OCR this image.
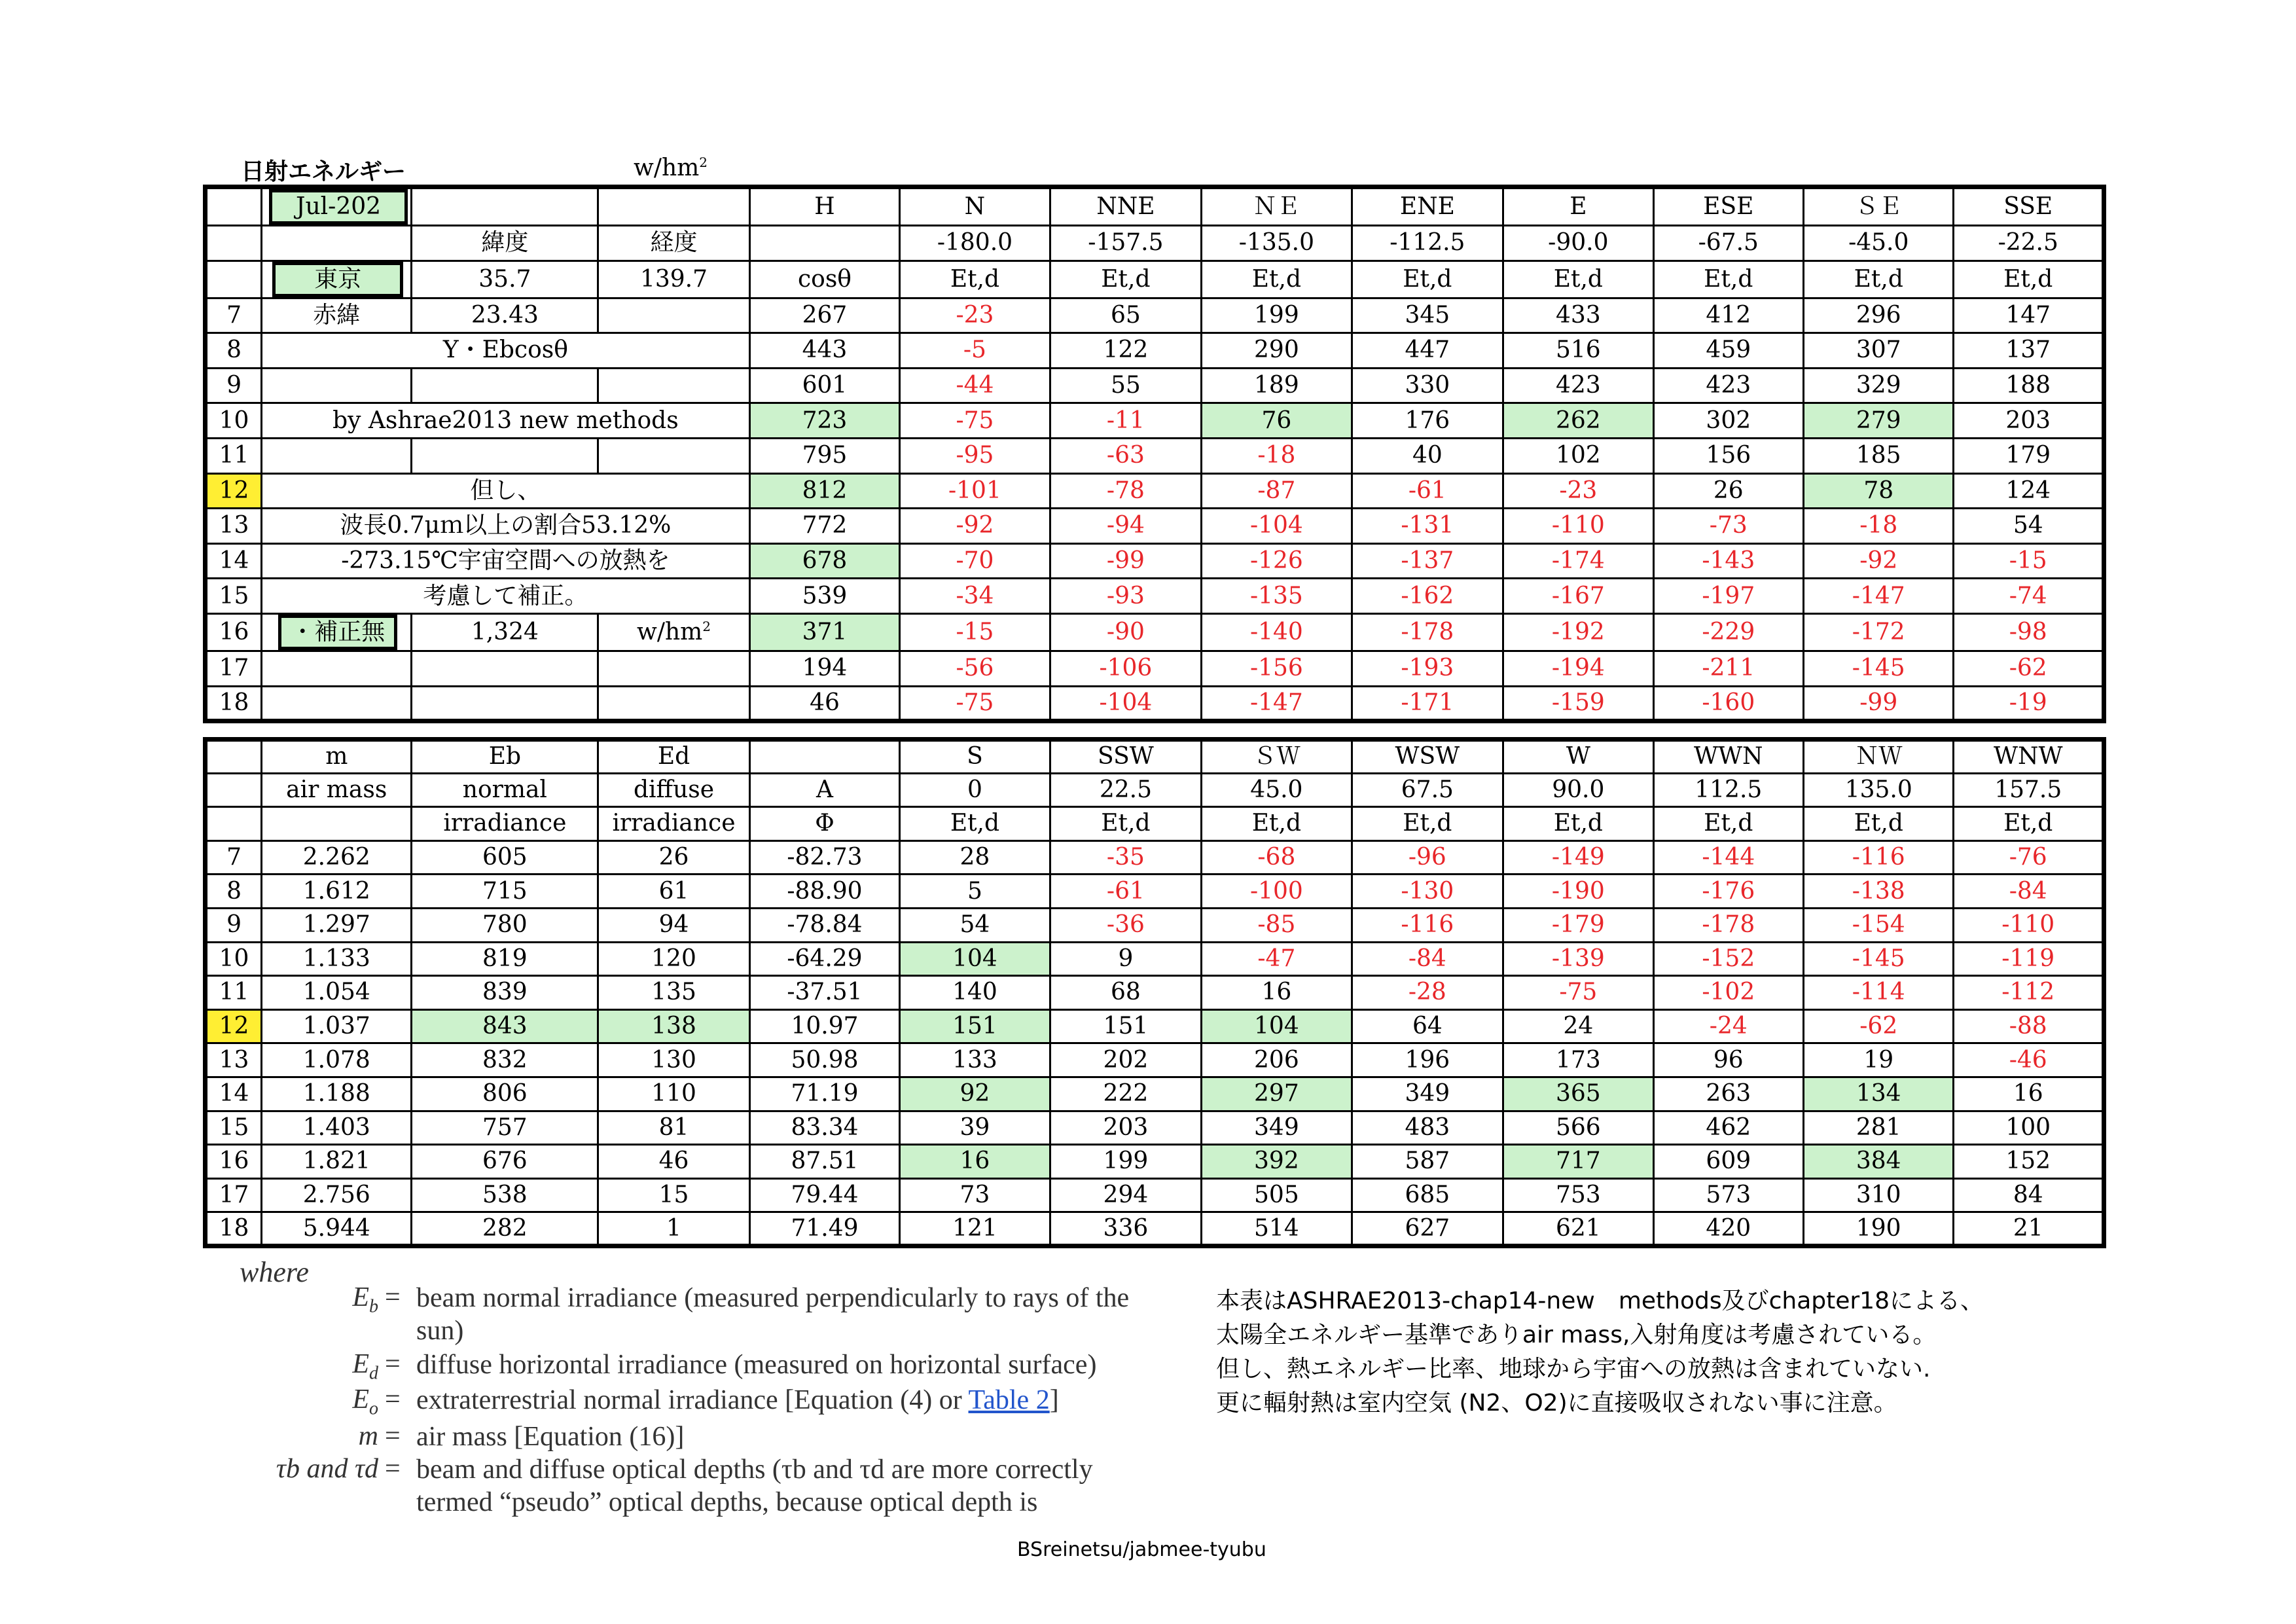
日射エネルギー	$w/hm^2$
	Jul-202			H	N	NNE	ＮＥ	ENE	E	ESE	ＳＥ	SSE
		緯度	経度		-180.0	-157.5	-135.0	-112.5	-90.0	-67.5	-45.0	-22.5
	東京	35.7	139.7	cosθ	Et,d	Et,d	Et,d	Et,d	Et,d	Et,d	Et,d	Et,d
7	赤緯	23.43		267	-23	65	199	345	433	412	296	147
8	Y・Ebcosθ			443	-5	122	290	447	516	459	307	137
9				601	-44	55	189	330	423	423	329	188
10	by Ashrae2013 new methods			723	-75	-11	76	176	262	302	279	203
11				795	-95	-63	-18	40	102	156	185	179
12	但し、			812	-101	-78	-87	-61	-23	26	78	124
13	波長0.7μｍ以上の割合53.12%			772	-92	-94	-104	-131	-110	-73	-18	54
14	-273.15℃宇宙空間への放熱を			678	-70	-99	-126	-137	-174	-143	-92	-15
15	考慮して補正。			539	-34	-93	-135	-162	-167	-197	-147	-74
16	・補正無	1,324	$w/hm^2$	371	-15	-90	-140	-178	-192	-229	-172	-98
17				194	-56	-106	-156	-193	-194	-211	-145	-62
18				46	-75	-104	-147	-171	-159	-160	-99	-19
	m	Eb	Ed		S	SSW	ＳＷ	WSW	W	WWN	ＮＷ	WNW
	air mass	normal	diffuse	A	0	22.5	45.0	67.5	90.0	112.5	135.0	157.5
		irradiance	irradiance	Φ	Et,d	Et,d	Et,d	Et,d	Et,d	Et,d	Et,d	Et,d
7	2.262	605	26	-82.73	28	-35	-68	-96	-149	-144	-116	-76
8	1.612	715	61	-88.90	5	-61	-100	-130	-190	-176	-138	-84
9	1.297	780	94	-78.84	54	-36	-85	-116	-179	-178	-154	-110
10	1.133	819	120	-64.29	104	9	-47	-84	-139	-152	-145	-119
11	1.054	839	135	-37.51	140	68	16	-28	-75	-102	-114	-112
12	1.037	843	138	10.97	151	151	104	64	24	-24	-62	-88
13	1.078	832	130	50.98	133	202	206	196	173	96	19	-46
14	1.188	806	110	71.19	92	222	297	349	365	263	134	16
15	1.403	757	81	83.34	39	203	349	483	566	462	281	100
16	1.821	676	46	87.51	16	199	392	587	717	609	384	152
17	2.756	538	15	79.44	73	294	505	685	753	573	310	84
18	5.944	282	1	71.49	121	336	514	627	621	420	190	21
where
$E_b$ = beam normal irradiance (measured perpendicularly to rays of the sun)
$E_d$ = diffuse horizontal irradiance (measured on horizontal surface)
$E_o$ = extraterrestrial normal irradiance [Equation (4) or Table 2]
m = air mass [Equation (16)]
τb and τd = beam and diffuse optical depths (τb and τd are more correctly termed “pseudo” optical depths, because optical depth is
本表はASHRAE2013-chap14-new　methods及びchapter18による、
太陽全エネルギー基準でありair mass,入射角度は考慮されている。
但し、熱エネルギー比率、地球から宇宙への放熱は含まれていない.
更に輻射熱は室内空気 (N2、O2)に直接吸収されない事に注意。
BSreinetsu/jabmee-tyubu
